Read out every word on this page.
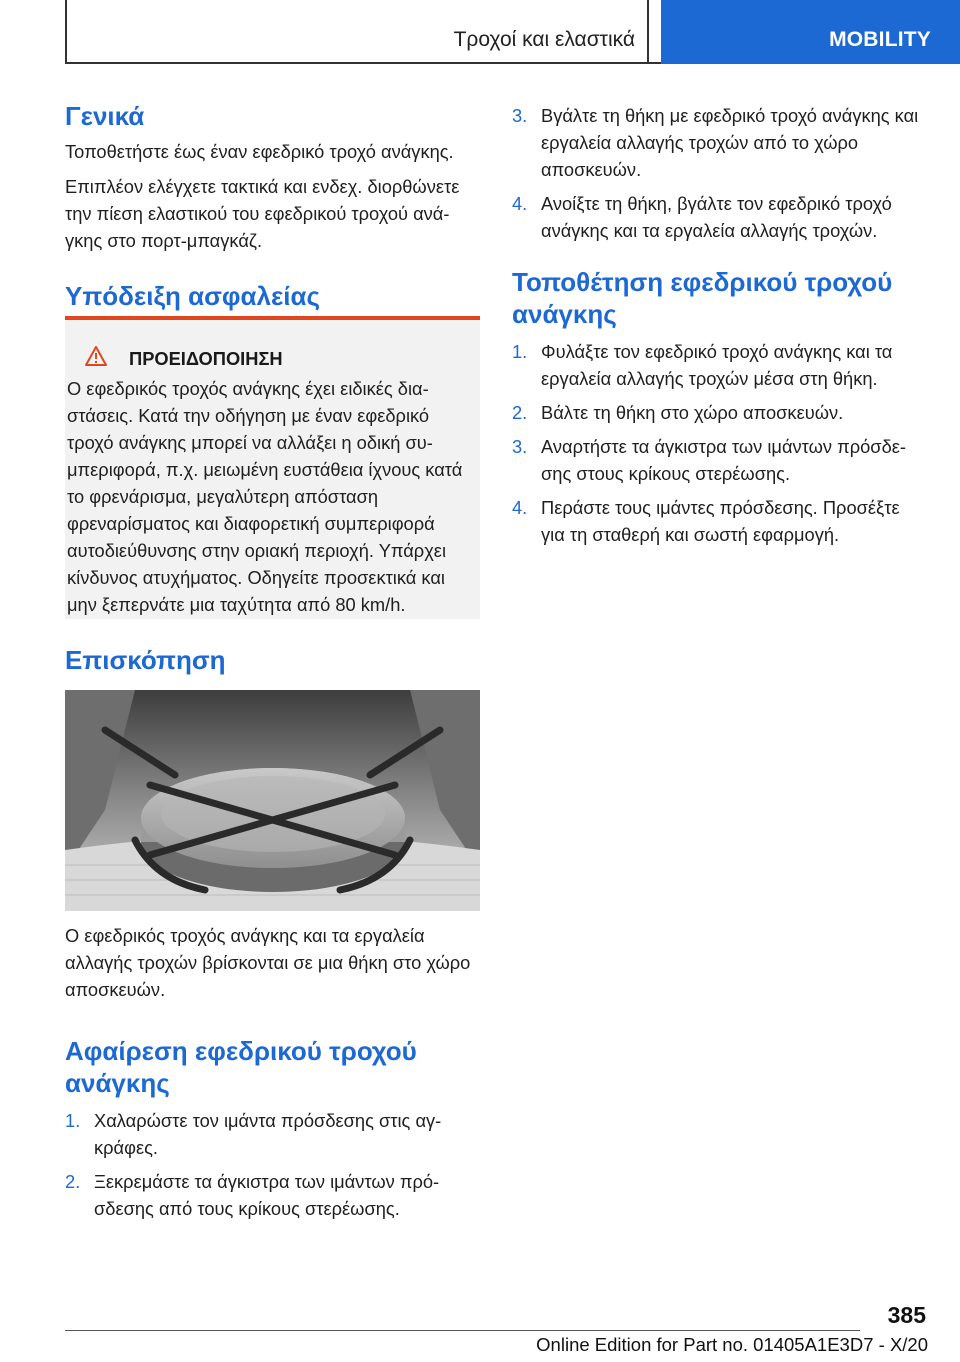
Τροχοί και ελαστικά	MOBILITY
Γενικά

Τοποθετήστε έως έναν εφεδρικό τροχό ανάγκης.

Επιπλέον ελέγχετε τακτικά και ενδεχ. διορθώνετε την πίεση ελαστικού του εφεδρικού τροχού ανά- γκης στο πορτ-μπαγκάζ.

Υπόδειξη ασφαλείας
ΠΡΟΕΙΔΟΠΟΙΗΣΗ

Ο εφεδρικός τροχός ανάγκης έχει ειδικές δια- στάσεις. Κατά την οδήγηση με έναν εφεδρικό τροχό ανάγκης μπορεί να αλλάξει η οδική συ- μπεριφορά, π.χ. μειωμένη ευστάθεια ίχνους κατά το φρενάρισμα, μεγαλύτερη απόσταση φρεναρίσματος και διαφορετική συμπεριφορά αυτοδιεύθυνσης στην οριακή περιοχή. Υπάρχει κίνδυνος ατυχήματος. Οδηγείτε προσεκτικά και μην ξεπερνάτε μια ταχύτητα από 80 km/h.

Επισκόπηση

Ο εφεδρικός τροχός ανάγκης και τα εργαλεία αλλαγής τροχών βρίσκονται σε μια θήκη στο χώρο αποσκευών.

Αφαίρεση εφεδρικού τροχού ανάγκης
1. Χαλαρώστε τον ιμάντα πρόσδεσης στις αγ- κράφες.
2. Ξεκρεμάστε τα άγκιστρα των ιμάντων πρό- σδεσης από τους κρίκους στερέωσης.
3. Βγάλτε τη θήκη με εφεδρικό τροχό ανάγκης και εργαλεία αλλαγής τροχών από το χώρο αποσκευών.
4. Ανοίξτε τη θήκη, βγάλτε τον εφεδρικό τροχό ανάγκης και τα εργαλεία αλλαγής τροχών.
Τοποθέτηση εφεδρικού τροχού ανάγκης
1. Φυλάξτε τον εφεδρικό τροχό ανάγκης και τα εργαλεία αλλαγής τροχών μέσα στη θήκη.
2. Βάλτε τη θήκη στο χώρο αποσκευών.
3. Αναρτήστε τα άγκιστρα των ιμάντων πρόσδε- σης στους κρίκους στερέωσης.
4. Περάστε τους ιμάντες πρόσδεσης. Προσέξτε για τη σταθερή και σωστή εφαρμογή.
385
Online Edition for Part no. 01405A1E3D7 - X/20
